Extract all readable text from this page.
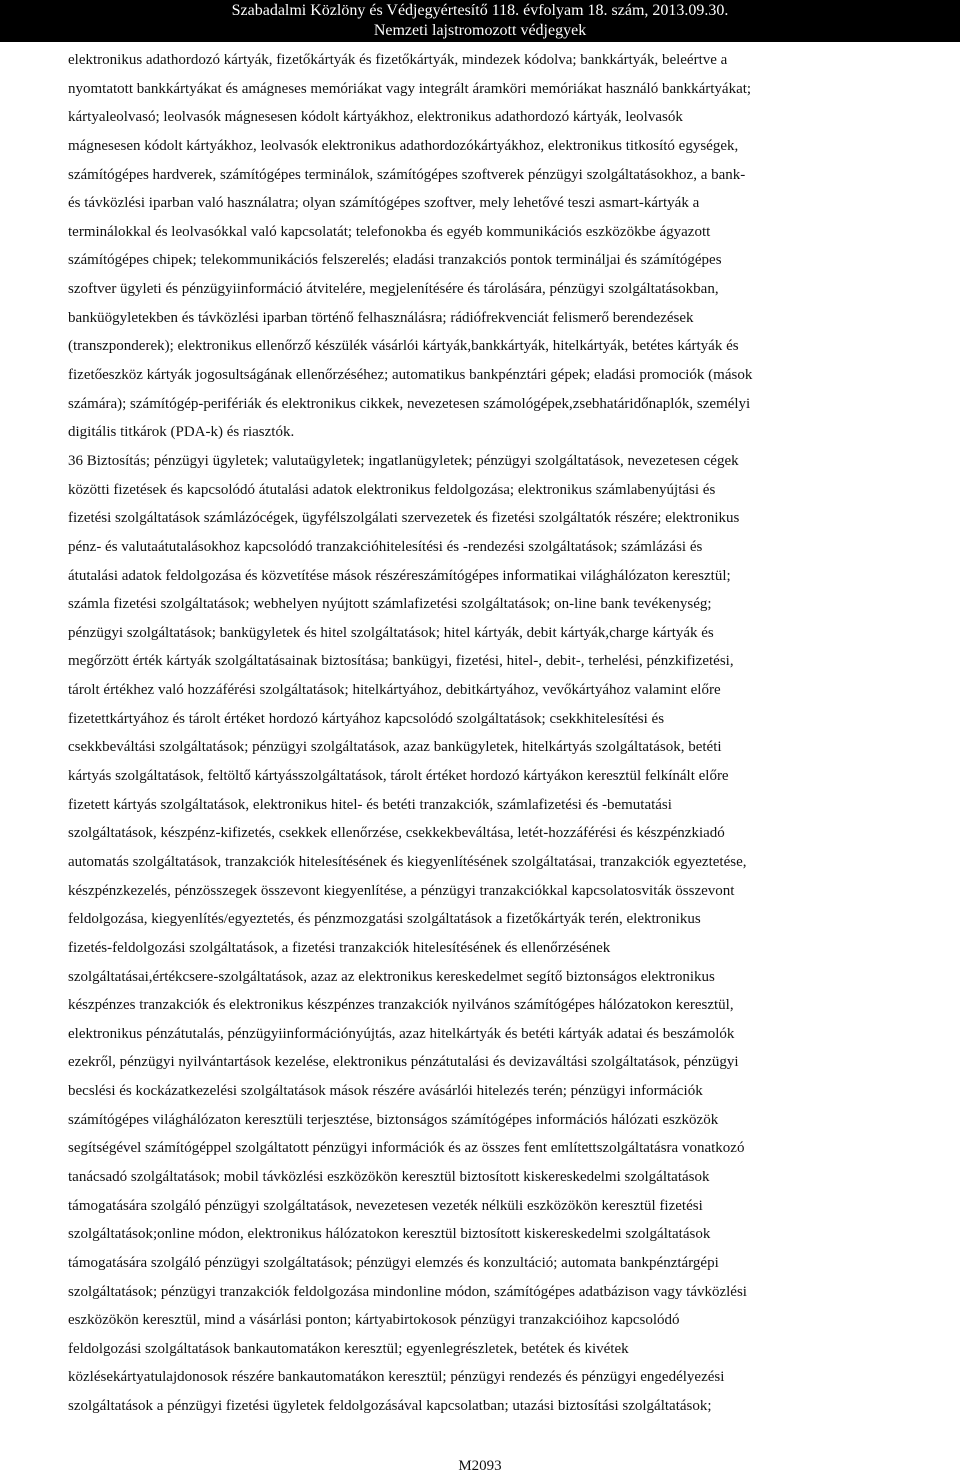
Szabadalmi Közlöny és Védjegyértesítő 118. évfolyam 18. szám, 2013.09.30.
Nemzeti lajstromozott védjegyek
elektronikus adathordozó kártyák, fizetőkártyák és fizetőkártyák, mindezek kódolva; bankkártyák, beleértve a
nyomtatott bankkártyákat és amágneses memóriákat vagy integrált áramköri memóriákat használó bankkártyákat;
kártyaleolvasó; leolvasók mágnesesen kódolt kártyákhoz, elektronikus adathordozó kártyák, leolvasók
mágnesesen kódolt kártyákhoz, leolvasók elektronikus adathordozókártyákhoz, elektronikus titkosító egységek,
számítógépes hardverek, számítógépes terminálok, számítógépes szoftverek pénzügyi szolgáltatásokhoz, a bank-
és távközlési iparban való használatra; olyan számítógépes szoftver, mely lehetővé teszi asmart-kártyák a
terminálokkal és leolvasókkal való kapcsolatát; telefonokba és egyéb kommunikációs eszközökbe ágyazott
számítógépes chipek; telekommunikációs felszerelés; eladási tranzakciós pontok termináljai és számítógépes
szoftver ügyleti és pénzügyiinformáció átvitelére, megjelenítésére és tárolására, pénzügyi szolgáltatásokban,
banküögyletekben és távközlési iparban történő felhasználásra; rádiófrekvenciát felismerő berendezések
(transzponderek); elektronikus ellenőrző készülék vásárlói kártyák,bankkártyák, hitelkártyák, betétes kártyák és
fizetőeszköz kártyák jogosultságának ellenőrzéséhez; automatikus bankpénztári gépek; eladási promociók (mások
számára); számítógép-perifériák és elektronikus cikkek, nevezetesen számológépek,zsebhatáridőnaplók, személyi
digitális titkárok (PDA-k) és riasztók.
36 Biztosítás; pénzügyi ügyletek; valutaügyletek; ingatlanügyletek; pénzügyi szolgáltatások, nevezetesen cégek
közötti fizetések és kapcsolódó átutalási adatok elektronikus feldolgozása; elektronikus számlabenyújtási és
fizetési szolgáltatások számlázócégek, ügyfélszolgálati szervezetek és fizetési szolgáltatók részére; elektronikus
pénz- és valutaátutalásokhoz kapcsolódó tranzakcióhitelesítési és -rendezési szolgáltatások; számlázási és
átutalási adatok feldolgozása és közvetítése mások részéreszámítógépes informatikai világhálózaton keresztül;
számla fizetési szolgáltatások; webhelyen nyújtott számlafizetési szolgáltatások; on-line bank tevékenység;
pénzügyi szolgáltatások; bankügyletek és hitel szolgáltatások; hitel kártyák, debit kártyák,charge kártyák és
megőrzött érték kártyák szolgáltatásainak biztosítása; bankügyi, fizetési, hitel-, debit-, terhelési, pénzkifizetési,
tárolt értékhez való hozzáférési szolgáltatások; hitelkártyához, debitkártyához, vevőkártyához valamint előre
fizetettkártyához és tárolt értéket hordozó kártyához kapcsolódó szolgáltatások; csekkhitelesítési és
csekkbeváltási szolgáltatások; pénzügyi szolgáltatások, azaz bankügyletek, hitelkártyás szolgáltatások, betéti
kártyás szolgáltatások, feltöltő kártyásszolgáltatások, tárolt értéket hordozó kártyákon keresztül felkínált előre
fizetett kártyás szolgáltatások, elektronikus hitel- és betéti tranzakciók, számlafizetési és -bemutatási
szolgáltatások, készpénz-kifizetés, csekkek ellenőrzése, csekkekbeváltása, letét-hozzáférési és készpénzkiadó
automatás szolgáltatások, tranzakciók hitelesítésének és kiegyenlítésének szolgáltatásai, tranzakciók egyeztetése,
készpénzkezelés, pénzösszegek összevont kiegyenlítése, a pénzügyi tranzakciókkal kapcsolatosviták összevont
feldolgozása, kiegyenlítés/egyeztetés, és pénzmozgatási szolgáltatások a fizetőkártyák terén, elektronikus
fizetés-feldolgozási szolgáltatások, a fizetési tranzakciók hitelesítésének és ellenőrzésének
szolgáltatásai,értékcsere-szolgáltatások, azaz az elektronikus kereskedelmet segítő biztonságos elektronikus
készpénzes tranzakciók és elektronikus készpénzes tranzakciók nyilvános számítógépes hálózatokon keresztül,
elektronikus pénzátutalás, pénzügyiinformációnyújtás, azaz hitelkártyák és betéti kártyák adatai és beszámolók
ezekről, pénzügyi nyilvántartások kezelése, elektronikus pénzátutalási és devizaváltási szolgáltatások, pénzügyi
becslési és kockázatkezelési szolgáltatások mások részére avásárlói hitelezés terén; pénzügyi információk
számítógépes világhálózaton keresztüli terjesztése, biztonságos számítógépes információs hálózati eszközök
segítségével számítógéppel szolgáltatott pénzügyi információk és az összes fent említettszolgáltatásra vonatkozó
tanácsadó szolgáltatások; mobil távközlési eszközökön keresztül biztosított kiskereskedelmi szolgáltatások
támogatására szolgáló pénzügyi szolgáltatások, nevezetesen vezeték nélküli eszközökön keresztül fizetési
szolgáltatások;online módon, elektronikus hálózatokon keresztül biztosított kiskereskedelmi szolgáltatások
támogatására szolgáló pénzügyi szolgáltatások; pénzügyi elemzés és konzultáció; automata bankpénztárgépi
szolgáltatások; pénzügyi tranzakciók feldolgozása mindonline módon, számítógépes adatbázison vagy távközlési
eszközökön keresztül, mind a vásárlási ponton; kártyabirtokosok pénzügyi tranzakcióihoz kapcsolódó
feldolgozási szolgáltatások bankautomatákon keresztül; egyenlegrészletek, betétek és kivétek
közlésekártyatulajdonosok részére bankautomatákon keresztül; pénzügyi rendezés és pénzügyi engedélyezési
szolgáltatások a pénzügyi fizetési ügyletek feldolgozásával kapcsolatban; utazási biztosítási szolgáltatások;
M2093
